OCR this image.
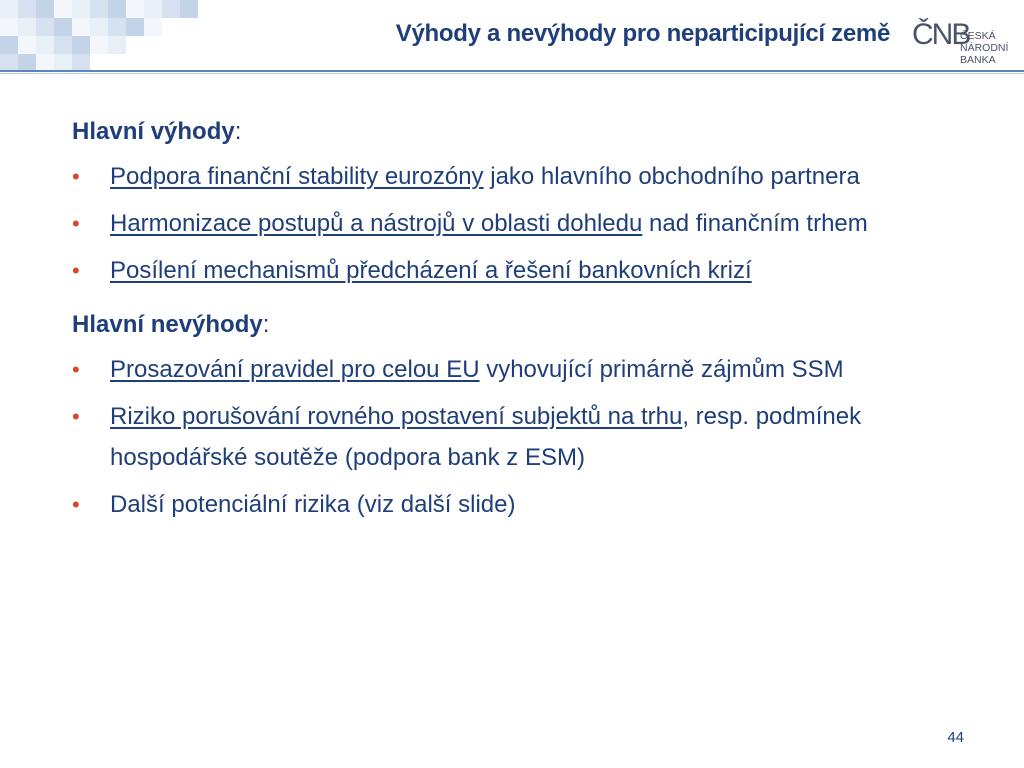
Výhody a nevýhody pro neparticipující země ČNB
ČESKÁ
NÁRODNÍ BANKA
Hlavní výhody:
• Podpora finanční stability eurozóny jako hlavního obchodního partnera
• Harmonizace postupů a nástrojů v oblasti dohledu nad finančním trhem
• Posílení mechanismů předcházení a řešení bankovních krizí
Hlavní nevýhody:
• Prosazování pravidel pro celou EU vyhovující primárně zájmům SSM
• Riziko porušování rovného postavení subjektů na trhu, resp. podmínek hospodářské soutěže (podpora bank z ESM)
• Další potenciální rizika (viz další slide)
44
